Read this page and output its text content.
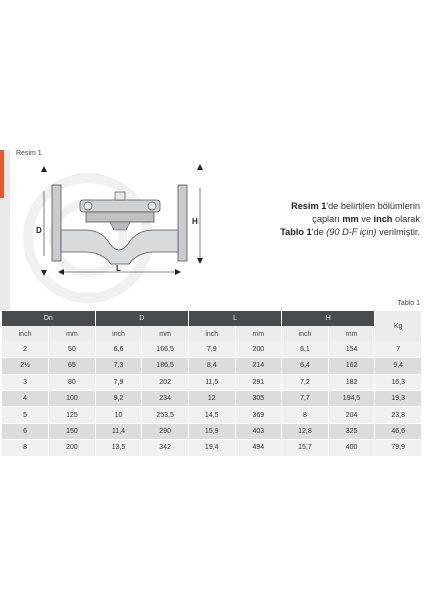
Resim 1
D
H
L
Resim 1'de belirtilen bölümlerin
çapları mm ve inch olarak
Tablo 1'de (90 D-F için) verilmiştir.
Tablo 1
Dn		D		L		H		Kg
inch	mm	inch	mm	inch	mm	inch	mm	
2	50	6,6	166,5	7,9	200	6,1	154	7
2½	65	7,3	186,5	8,4	214	6,4	162	9,4
3	80	7,9	202	11,5	291	7,2	182	16,3
4	100	9,2	234	12	305	7,7	194,5	19,3
5	125	10	253,5	14,5	369	8	204	23,8
6	150	11,4	290	15,9	403	12,8	325	46,6
8	200	13,5	342	19,4	494	15,7	400	79,9
